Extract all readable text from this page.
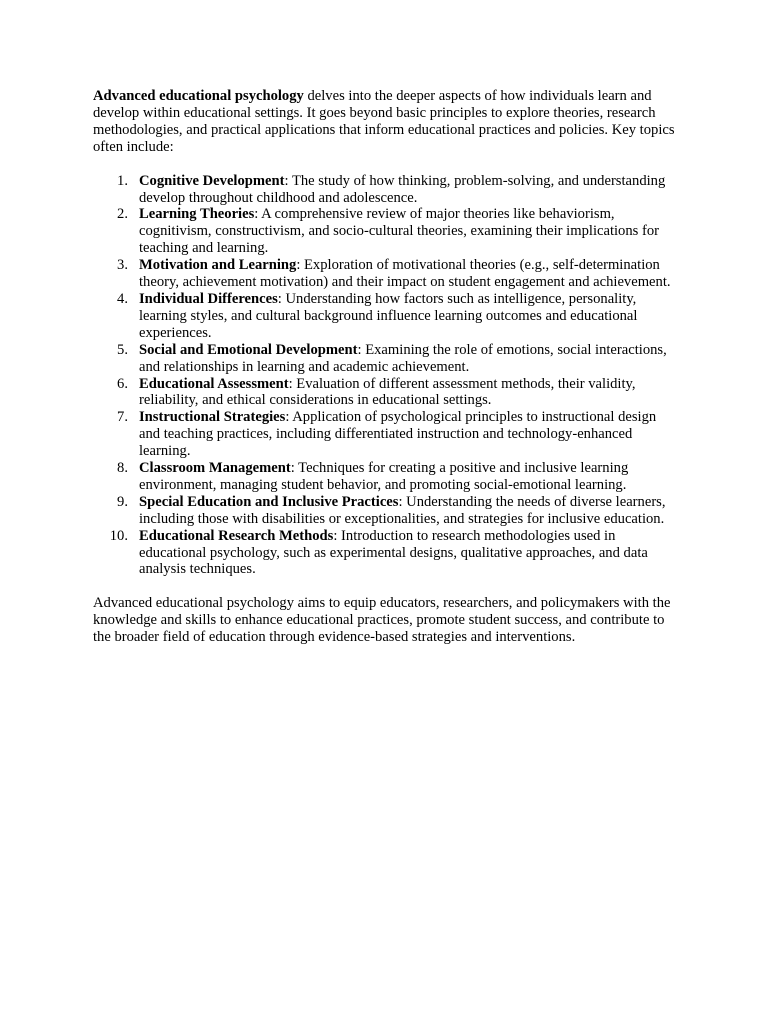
Advanced educational psychology delves into the deeper aspects of how individuals learn and develop within educational settings. It goes beyond basic principles to explore theories, research methodologies, and practical applications that inform educational practices and policies. Key topics often include:

1. Cognitive Development: The study of how thinking, problem-solving, and understanding develop throughout childhood and adolescence.
2. Learning Theories: A comprehensive review of major theories like behaviorism, cognitivism, constructivism, and socio-cultural theories, examining their implications for teaching and learning.
3. Motivation and Learning: Exploration of motivational theories (e.g., self-determination theory, achievement motivation) and their impact on student engagement and achievement.
4. Individual Differences: Understanding how factors such as intelligence, personality, learning styles, and cultural background influence learning outcomes and educational experiences.
5. Social and Emotional Development: Examining the role of emotions, social interactions, and relationships in learning and academic achievement.
6. Educational Assessment: Evaluation of different assessment methods, their validity, reliability, and ethical considerations in educational settings.
7. Instructional Strategies: Application of psychological principles to instructional design and teaching practices, including differentiated instruction and technology-enhanced learning.
8. Classroom Management: Techniques for creating a positive and inclusive learning environment, managing student behavior, and promoting social-emotional learning.
9. Special Education and Inclusive Practices: Understanding the needs of diverse learners, including those with disabilities or exceptionalities, and strategies for inclusive education.
10. Educational Research Methods: Introduction to research methodologies used in educational psychology, such as experimental designs, qualitative approaches, and data analysis techniques.

Advanced educational psychology aims to equip educators, researchers, and policymakers with the knowledge and skills to enhance educational practices, promote student success, and contribute to the broader field of education through evidence-based strategies and interventions.
